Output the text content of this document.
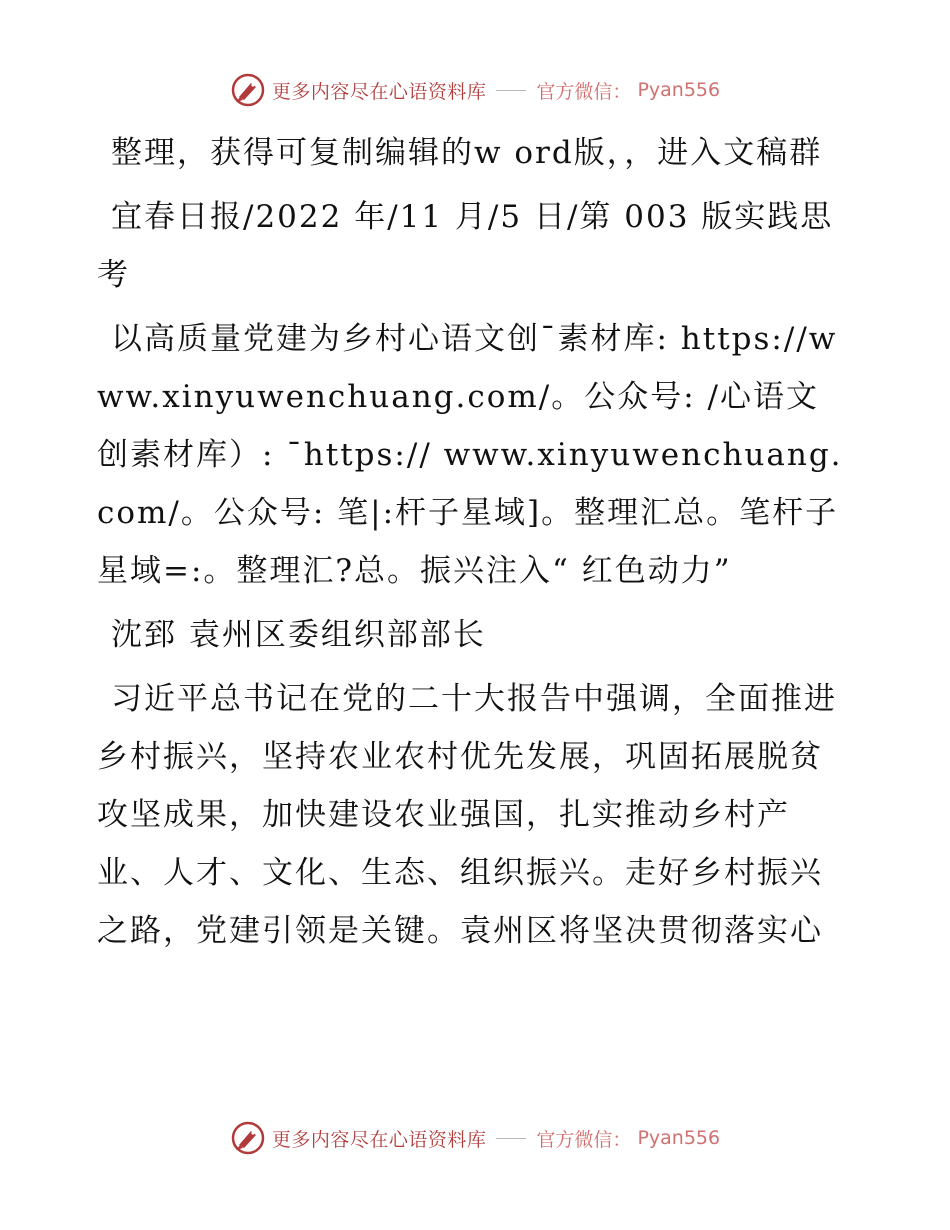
更多内容尽在心语资料库	官方微信： Pyan556

整理，获得可复制编辑的w ord版，，进入文稿群

宜春日报/2022 年/11 月/5 日/第 003 版实践思考

以高质量党建为乡村心语文创¯素材库: https://www.xinyuwenchuang.com/。公众号: /心语文创素材库）: ¯https:// www.xinyuwenchuang.com/。公众号: 笔|:杆子星域]。整理汇总。笔杆子星域=:。整理汇?总。振兴注入“ 红色动力”

沈郅 袁州区委组织部部长

习近平总书记在党的二十大报告中强调，全面推进乡村振兴，坚持农业农村优先发展，巩固拓展脱贫攻坚成果，加快建设农业强国，扎实推动乡村产业、人才、文化、生态、组织振兴。走好乡村振兴之路，党建引领是关键。袁州区将坚决贯彻落实心

更多内容尽在心语资料库	官方微信： Pyan556
